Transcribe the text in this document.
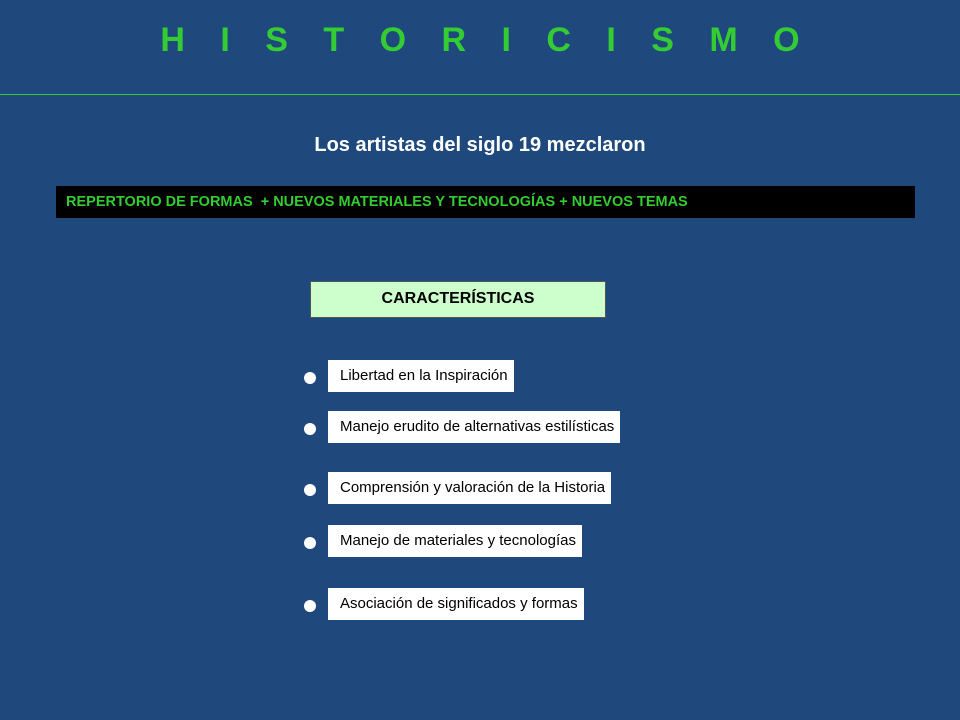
H I S T O R I C I S M O
Los artistas del siglo 19 mezclaron
REPERTORIO DE FORMAS  + NUEVOS MATERIALES Y TECNOLOGÍAS + NUEVOS TEMAS
CARACTERÍSTICAS
Libertad en la Inspiración
Manejo erudito de alternativas estilísticas
Comprensión y valoración de la Historia
Manejo de materiales y tecnologías
Asociación de significados y formas
